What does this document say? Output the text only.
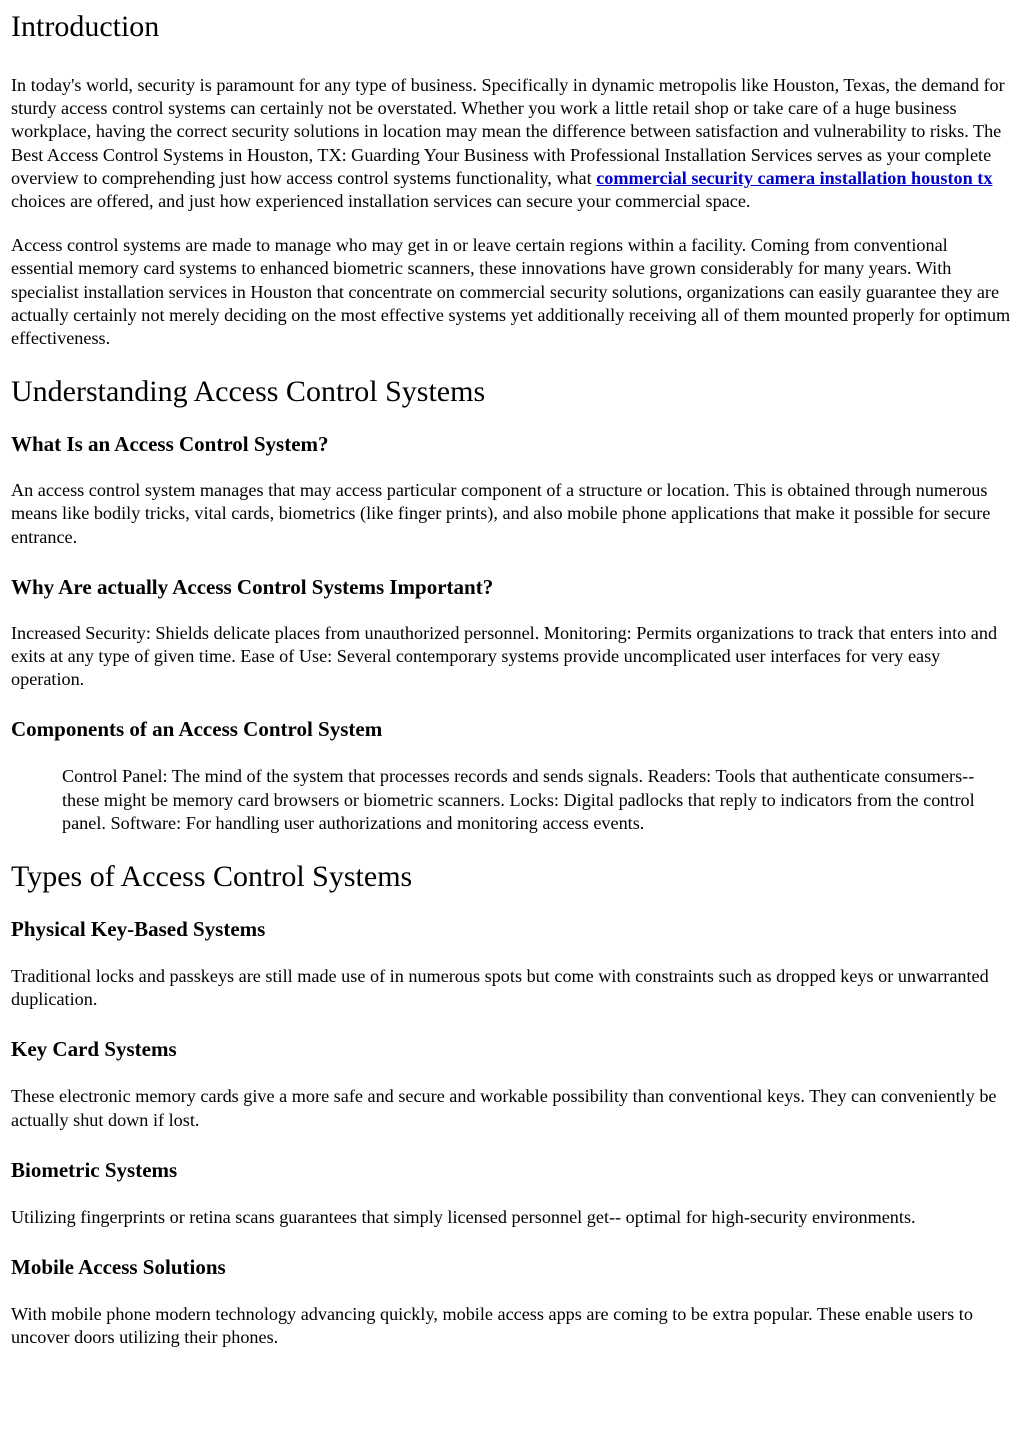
Introduction

In today's world, security is paramount for any type of business. Specifically in dynamic metropolis like Houston, Texas, the demand for sturdy access control systems can certainly not be overstated. Whether you work a little retail shop or take care of a huge business workplace, having the correct security solutions in location may mean the difference between satisfaction and vulnerability to risks. The Best Access Control Systems in Houston, TX: Guarding Your Business with Professional Installation Services serves as your complete overview to comprehending just how access control systems functionality, what commercial security camera installation houston tx choices are offered, and just how experienced installation services can secure your commercial space.

Access control systems are made to manage who may get in or leave certain regions within a facility. Coming from conventional essential memory card systems to enhanced biometric scanners, these innovations have grown considerably for many years. With specialist installation services in Houston that concentrate on commercial security solutions, organizations can easily guarantee they are actually certainly not merely deciding on the most effective systems yet additionally receiving all of them mounted properly for optimum effectiveness.

Understanding Access Control Systems
What Is an Access Control System?

An access control system manages that may access particular component of a structure or location. This is obtained through numerous means like bodily tricks, vital cards, biometrics (like finger prints), and also mobile phone applications that make it possible for secure entrance.

Why Are actually Access Control Systems Important?

Increased Security: Shields delicate places from unauthorized personnel. Monitoring: Permits organizations to track that enters into and exits at any type of given time. Ease of Use: Several contemporary systems provide uncomplicated user interfaces for very easy operation.

Components of an Access Control System
Control Panel: The mind of the system that processes records and sends signals. Readers: Tools that authenticate consumers-- these might be memory card browsers or biometric scanners. Locks: Digital padlocks that reply to indicators from the control panel. Software: For handling user authorizations and monitoring access events.
Types of Access Control Systems
Physical Key-Based Systems

Traditional locks and passkeys are still made use of in numerous spots but come with constraints such as dropped keys or unwarranted duplication.

Key Card Systems

These electronic memory cards give a more safe and secure and workable possibility than conventional keys. They can conveniently be actually shut down if lost.

Biometric Systems

Utilizing fingerprints or retina scans guarantees that simply licensed personnel get-- optimal for high-security environments.

Mobile Access Solutions

With mobile phone modern technology advancing quickly, mobile access apps are coming to be extra popular. These enable users to uncover doors utilizing their phones.
